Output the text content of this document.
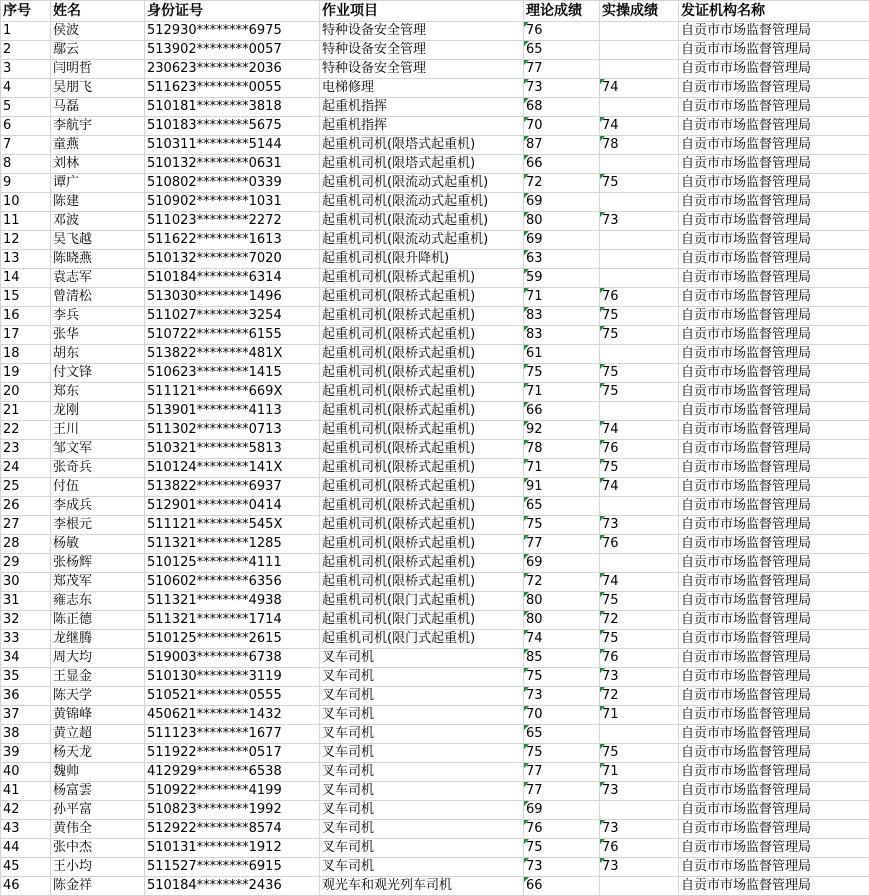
序号	姓名	身份证号	作业项目	理论成绩	实操成绩	发证机构名称
1	侯波	512930********6975	特种设备安全管理	76		自贡市市场监督管理局
2	鄢云	513902********0057	特种设备安全管理	65		自贡市市场监督管理局
3	闫明哲	230623********2036	特种设备安全管理	77		自贡市市场监督管理局
4	吴朋飞	511623********0055	电梯修理	73	74	自贡市市场监督管理局
5	马磊	510181********3818	起重机指挥	68		自贡市市场监督管理局
6	李航宇	510183********5675	起重机指挥	70	74	自贡市市场监督管理局
7	童燕	510311********5144	起重机司机(限塔式起重机)	87	78	自贡市市场监督管理局
8	刘林	510132********0631	起重机司机(限塔式起重机)	66		自贡市市场监督管理局
9	谭广	510802********0339	起重机司机(限流动式起重机)	72	75	自贡市市场监督管理局
10	陈建	510902********1031	起重机司机(限流动式起重机)	69		自贡市市场监督管理局
11	邓波	511023********2272	起重机司机(限流动式起重机)	80	73	自贡市市场监督管理局
12	吴飞越	511622********1613	起重机司机(限流动式起重机)	69		自贡市市场监督管理局
13	陈晓燕	510132********7020	起重机司机(限升降机)	63		自贡市市场监督管理局
14	袁志军	510184********6314	起重机司机(限桥式起重机)	59		自贡市市场监督管理局
15	曾清松	513030********1496	起重机司机(限桥式起重机)	71	76	自贡市市场监督管理局
16	李兵	511027********3254	起重机司机(限桥式起重机)	83	75	自贡市市场监督管理局
17	张华	510722********6155	起重机司机(限桥式起重机)	83	75	自贡市市场监督管理局
18	胡东	513822********481X	起重机司机(限桥式起重机)	61		自贡市市场监督管理局
19	付文锋	510623********1415	起重机司机(限桥式起重机)	75	75	自贡市市场监督管理局
20	郑东	511121********669X	起重机司机(限桥式起重机)	71	75	自贡市市场监督管理局
21	龙刚	513901********4113	起重机司机(限桥式起重机)	66		自贡市市场监督管理局
22	王川	511302********0713	起重机司机(限桥式起重机)	92	74	自贡市市场监督管理局
23	邹文军	510321********5813	起重机司机(限桥式起重机)	78	76	自贡市市场监督管理局
24	张奇兵	510124********141X	起重机司机(限桥式起重机)	71	75	自贡市市场监督管理局
25	付伍	513822********6937	起重机司机(限桥式起重机)	91	74	自贡市市场监督管理局
26	李成兵	512901********0414	起重机司机(限桥式起重机)	65		自贡市市场监督管理局
27	李根元	511121********545X	起重机司机(限桥式起重机)	75	73	自贡市市场监督管理局
28	杨敏	511321********1285	起重机司机(限桥式起重机)	77	76	自贡市市场监督管理局
29	张杨辉	510125********4111	起重机司机(限桥式起重机)	69		自贡市市场监督管理局
30	郑茂军	510602********6356	起重机司机(限桥式起重机)	72	74	自贡市市场监督管理局
31	雍志东	511321********4938	起重机司机(限门式起重机)	80	75	自贡市市场监督管理局
32	陈正德	511321********1714	起重机司机(限门式起重机)	80	72	自贡市市场监督管理局
33	龙继腾	510125********2615	起重机司机(限门式起重机)	74	75	自贡市市场监督管理局
34	周大均	519003********6738	叉车司机	85	76	自贡市市场监督管理局
35	王显金	510130********3119	叉车司机	75	73	自贡市市场监督管理局
36	陈天学	510521********0555	叉车司机	73	72	自贡市市场监督管理局
37	黄锦峰	450621********1432	叉车司机	70	71	自贡市市场监督管理局
38	黄立超	511123********1677	叉车司机	65		自贡市市场监督管理局
39	杨天龙	511922********0517	叉车司机	75	75	自贡市市场监督管理局
40	魏帅	412929********6538	叉车司机	77	71	自贡市市场监督管理局
41	杨富雲	510922********4199	叉车司机	77	73	自贡市市场监督管理局
42	孙平富	510823********1992	叉车司机	69		自贡市市场监督管理局
43	黄伟全	512922********8574	叉车司机	76	73	自贡市市场监督管理局
44	张中杰	510131********1912	叉车司机	75	76	自贡市市场监督管理局
45	王小均	511527********6915	叉车司机	73	73	自贡市市场监督管理局
46	陈金祥	510184********2436	观光车和观光列车司机	66		自贡市市场监督管理局
